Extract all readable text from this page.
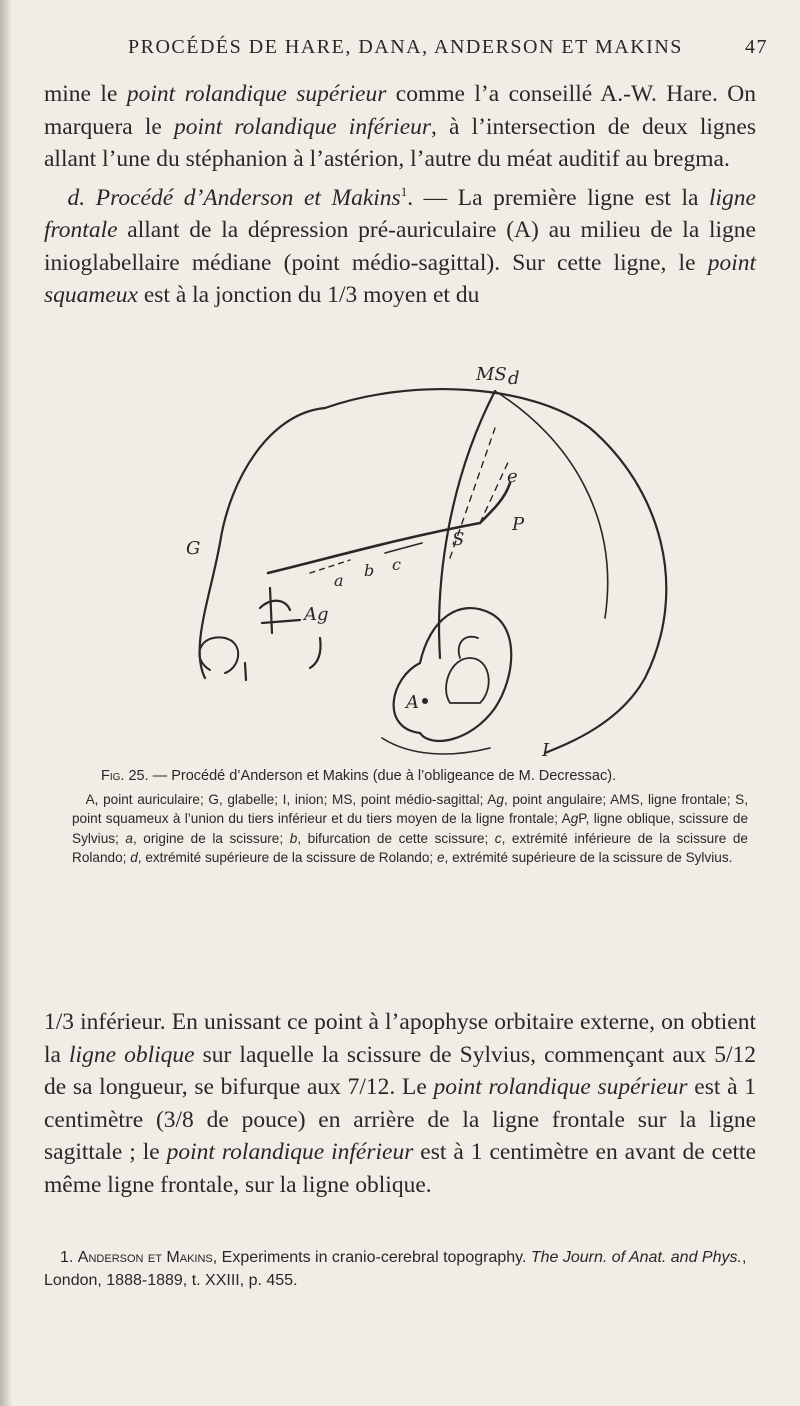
PROCÉDÉS DE HARE, DANA, ANDERSON ET MAKINS	47
mine le point rolandique supérieur comme l’a conseillé A.-W. Hare. On marquera le point rolandique inférieur, à l’intersection de deux lignes allant l’une du stéphanion à l’astérion, l’autre du méat auditif au bregma.
 d. Procédé d’Anderson et Makins$^1$. — La première ligne est la ligne frontale allant de la dépression pré-auriculaire (A) au milieu de la ligne inioglabellaire médiane (point médio-sagittal). Sur cette ligne, le point squameux est à la jonction du 1/3 moyen et du
MS d
e
P
S
G
a
b c
Ag
A
I
  Fig. 25. — Procédé d’Anderson et Makins (due à l’obligeance de M. Decressac).
 A, point auriculaire; G, glabelle; I, inion; MS, point médio-sagittal; Ag, point angulaire; AMS, ligne frontale; S, point squameux à l’union du tiers inférieur et du tiers moyen de la ligne frontale; AgP, ligne oblique, scissure de Sylvius; a, origine de la scissure; b, bifurcation de cette scissure; c, extrémité inférieure de la scissure de Rolando; d, extrémité supérieure de la scissure de Rolando; e, extrémité supérieure de la scissure de Sylvius.
1/3 inférieur. En unissant ce point à l’apophyse orbitaire externe, on obtient la ligne oblique sur laquelle la scissure de Sylvius, commençant aux 5/12 de sa longueur, se bifurque aux 7/12. Le point rolandique supérieur est à 1 centimètre (3/8 de pouce) en arrière de la ligne frontale sur la ligne sagittale ; le point rolandique inférieur est à 1 centimètre en avant de cette même ligne frontale, sur la ligne oblique.
 1. Anderson et Makins, Experiments in cranio-cerebral topography. The Journ. of Anat. and Phys., London, 1888-1889, t. XXIII, p. 455.
